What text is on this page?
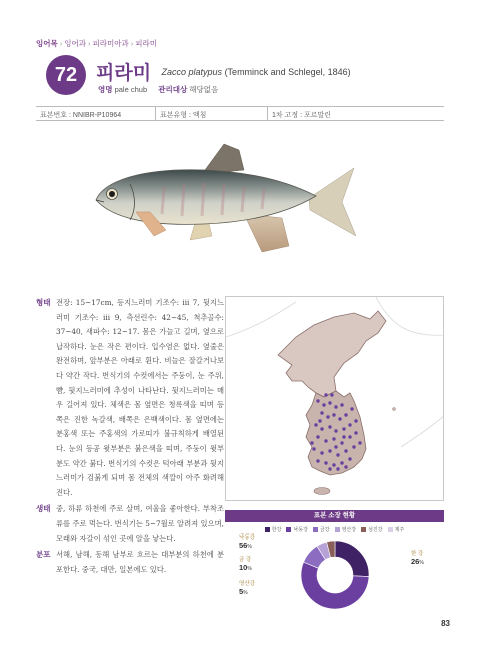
잉어목 › 잉어과 › 피라미아과 › 피라미
72 피라미 Zacco platypus (Temminck and Schlegel, 1846)
영명 pale chub 관리대상 해당없음
표본번호 : NNIBR-P10964	표본유형 : 액침	1차 고정 : 포르말린
형태 전장: 15~17cm, 등지느러미 기조수: iii 7, 뒷지느러미 기조수: iii 9, 측선린수: 42~45, 척추골수: 37~40, 새파수: 12~17. 몸은 가늘고 길며, 옆으로 납작하다. 눈은 작은 편이다. 입수염은 없다. 옆줄은 완전하며, 앞부분은 아래로 휜다. 비늘은 잘갈거나보다 약간 작다. 번식기의 수컷에서는 주둥이, 눈 주위, 뺨, 뒷지느러미에 추성이 나타난다. 뒷지느러미는 매우 길어져 있다. 체색은 몸 옆면은 청록색을 띠며 등쪽은 진한 녹갈색, 배쪽은 은백색이다. 몸 옆면에는 분홍색 또는 주홍색의 가로띠가 불규칙하게 배열된다. 눈의 등공 윗부분은 붉은색을 띠며, 주둥이 윗부분도 약간 붉다. 번식기의 수컷은 턱아래 부분과 뒷지느러미가 검붉게 되며 몸 전체의 색깔이 아주 화려해진다.
생태 중, 하류 하천에 주로 살며, 여울을 좋아한다. 부착조류를 주로 먹는다. 번식기는 5~7월로 알려져 있으며, 모래와 자갈이 섞인 곳에 알을 낳는다.
분포 서해, 남해, 동해 남부로 흐르는 대부분의 하천에 분포한다. 중국, 대만, 일본에도 있다.
표본 소장 현황
한강 낙동강 금강 영산강 섬진강 제주
한 강
26%
낙동강
56%
금 강
10%
영산강
5%
83
